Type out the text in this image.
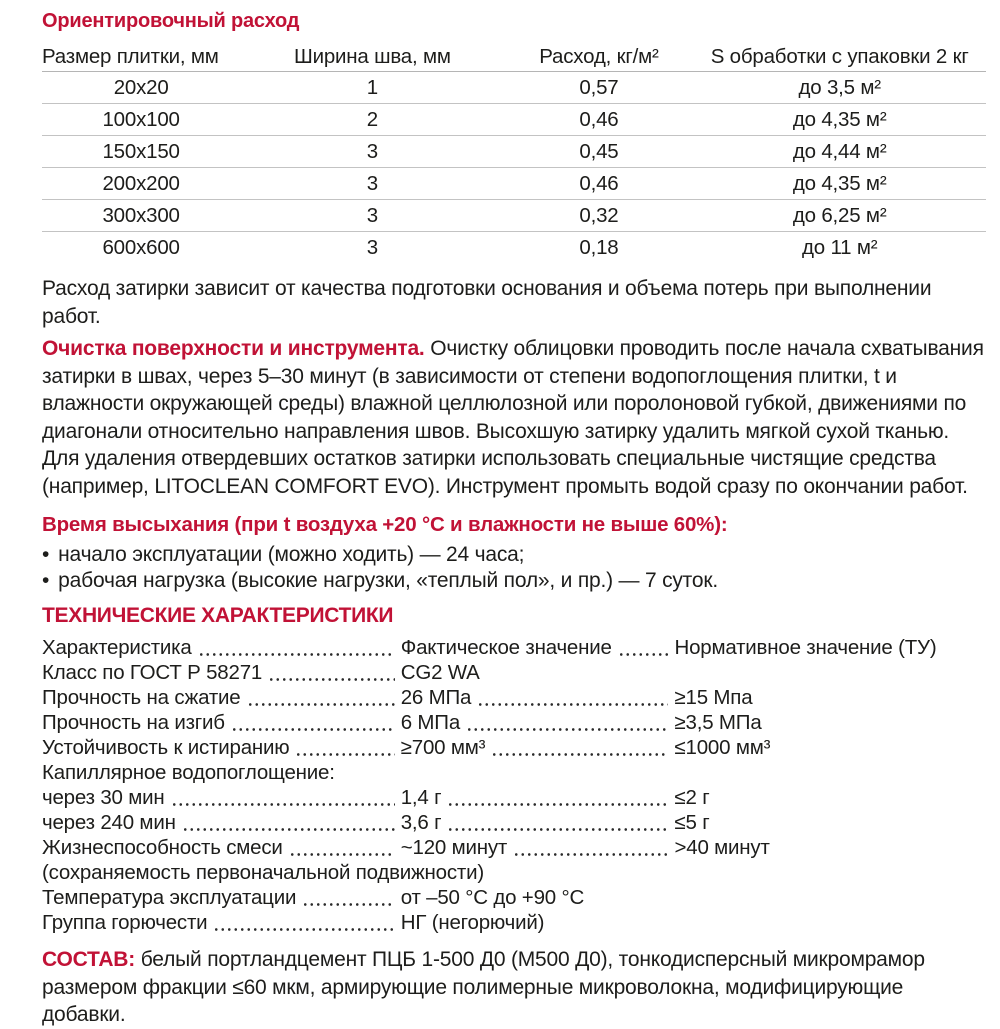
Ориентировочный расход
Размер плитки, мм	Ширина шва, мм	Расход, кг/м²	S обработки с упаковки 2 кг
20х20	1	0,57	до 3,5 м²
100х100	2	0,46	до 4,35 м²
150х150	3	0,45	до 4,44 м²
200х200	3	0,46	до 4,35 м²
300х300	3	0,32	до 6,25 м²
600х600	3	0,18	до 11 м²

Расход затирки зависит от качества подготовки основания и объема потерь при выполнении работ.

Очистка поверхности и инструмента. Очистку облицовки проводить после начала схватывания затирки в швах, через 5–30 минут (в зависимости от степени водопоглощения плитки, t и влажности окружающей среды) влажной целлюлозной или поролоновой губкой, движениями по диагонали относительно направления швов. Высохшую затирку удалить мягкой сухой тканью. Для удаления отвердевших остатков затирки использовать специальные чистящие средства (например, LITOCLEAN COMFORT EVO). Инструмент промыть водой сразу по окончании работ.

Время высыхания (при t воздуха +20 °C и влажности не выше 60%):

•
начало эксплуатации (можно ходить) — 24 часа;
•
рабочая нагрузка (высокие нагрузки, «теплый пол», и пр.) — 7 суток.
ТЕХНИЧЕСКИЕ ХАРАКТЕРИСТИКИ
Характеристика	Фактическое значение	Нормативное значение (ТУ)
Класс по ГОСТ Р 58271	CG2 WA
Прочность на сжатие	26 МПа	≥15 Мпа
Прочность на изгиб	6 МПа	≥3,5 МПа
Устойчивость к истиранию	≥700 мм³	≤1000 мм³
Капиллярное водопоглощение:
через 30 мин	1,4 г	≤2 г
через 240 мин	3,6 г	≤5 г
Жизнеспособность смеси	~120 минут	>40 минут
(сохраняемость первоначальной подвижности)
Температура эксплуатации	от –50 °C до +90 °C
Группа горючести	НГ (негорючий)

СОСТАВ: белый портландцемент ПЦБ 1-500 Д0 (М500 Д0), тонкодисперсный микромрамор размером фракции ≤60 мкм, армирующие полимерные микроволокна, модифицирующие добавки.
